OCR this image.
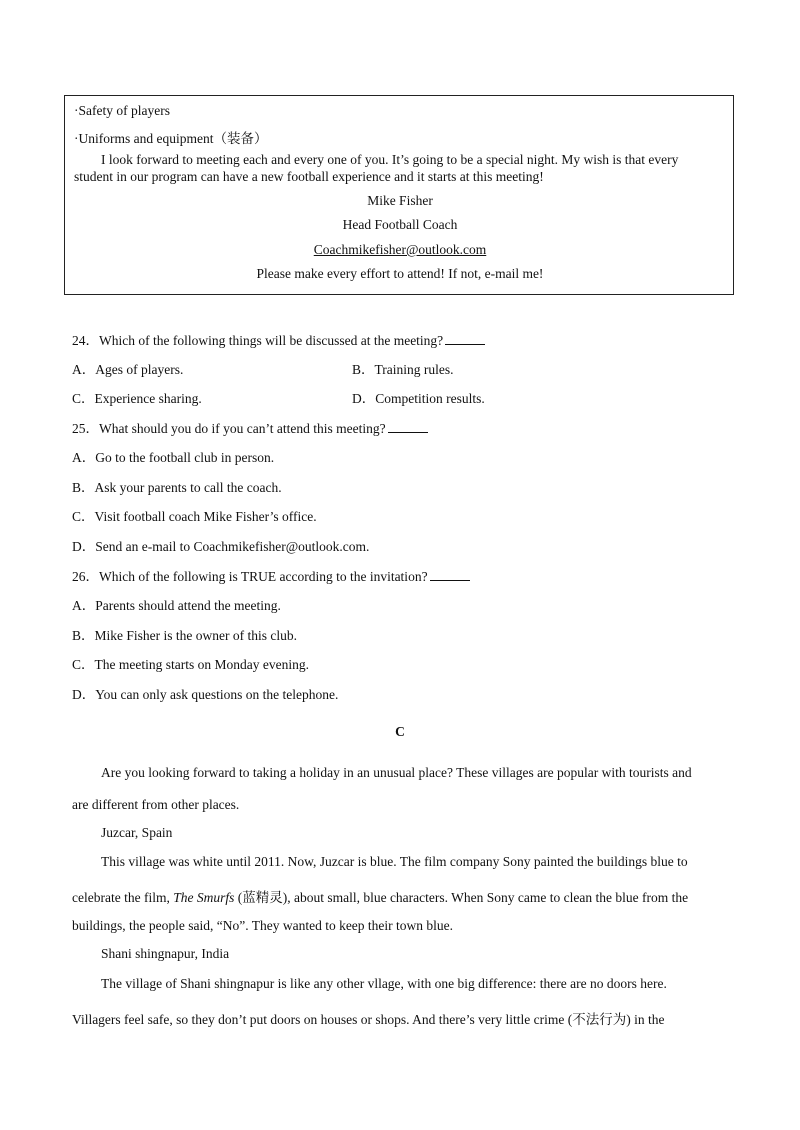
·Safety of players
·Uniforms and equipment（装备）
I look forward to meeting each and every one of you. It’s going to be a special night. My wish is that every
student in our program can have a new football experience and it starts at this meeting!
Mike Fisher
Head Football Coach
Coachmikefisher@outlook.com
Please make every effort to attend! If not, e-mail me!
24．Which of the following things will be discussed at the meeting?
A．Ages of players.	B．Training rules.
C．Experience sharing.	D．Competition results.
25．What should you do if you can’t attend this meeting?
A．Go to the football club in person.
B．Ask your parents to call the coach.
C．Visit football coach Mike Fisher’s office.
D．Send an e-mail to Coachmikefisher@outlook.com.
26．Which of the following is TRUE according to the invitation?
A．Parents should attend the meeting.
B．Mike Fisher is the owner of this club.
C．The meeting starts on Monday evening.
D．You can only ask questions on the telephone.
C
Are you looking forward to taking a holiday in an unusual place? These villages are popular with tourists and
are different from other places.
Juzcar, Spain
This village was white until 2011. Now, Juzcar is blue. The film company Sony painted the buildings blue to
celebrate the film, The Smurfs (蓝精灵), about small, blue characters. When Sony came to clean the blue from the
buildings, the people said, “No”. They wanted to keep their town blue.
Shani shingnapur, India
The village of Shani shingnapur is like any other vllage, with one big difference: there are no doors here.
Villagers feel safe, so they don’t put doors on houses or shops. And there’s very little crime (不法行为) in the
